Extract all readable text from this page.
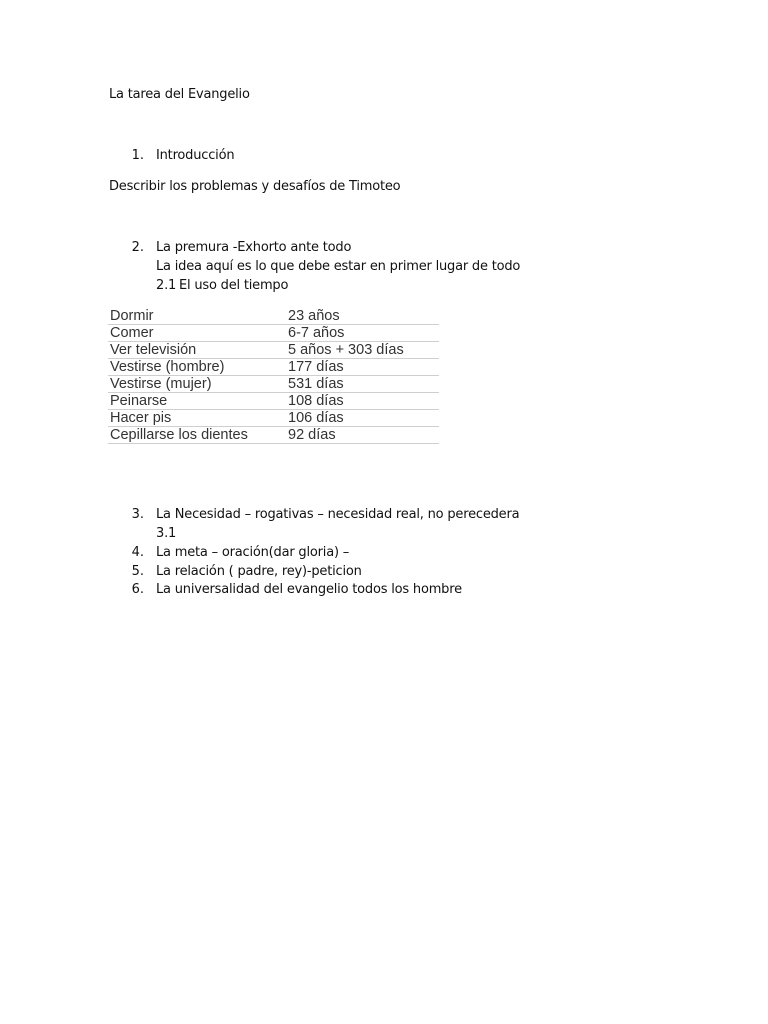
La tarea del Evangelio
1. Introducción
Describir los problemas y desafíos de Timoteo
2. La premura -Exhorto ante todo
La idea aquí es lo que debe estar en primer lugar de todo
2.1 El uso del tiempo
Dormir	23 años
Comer	6-7 años
Ver televisión	5 años + 303 días
Vestirse (hombre)	177 días
Vestirse (mujer)	531 días
Peinarse	108 días
Hacer pis	106 días
Cepillarse los dientes	92 días
3. La Necesidad – rogativas – necesidad real, no perecedera
3.1
4. La meta – oración(dar gloria) –
5. La relación ( padre, rey)-peticion
6. La universalidad del evangelio todos los hombre
